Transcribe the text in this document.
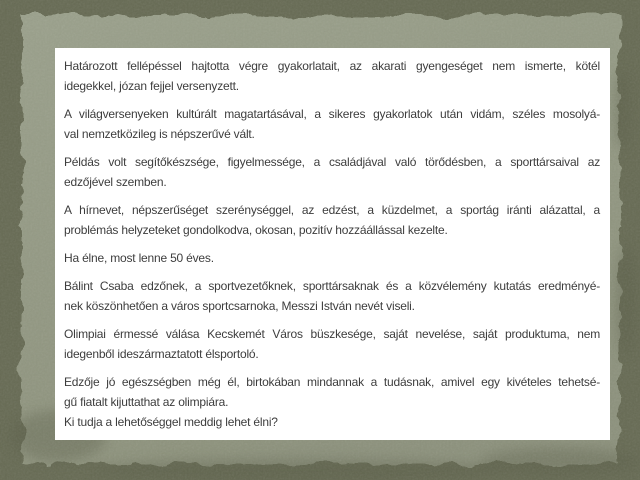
Határozott fellépéssel hajtotta végre gyakorlatait, az akarati gyengeséget nem ismerte, kötél
idegekkel, józan fejjel versenyzett.

A világversenyeken kultúrált magatartásával, a sikeres gyakorlatok után vidám, széles mosolyá-
val nemzetközileg is népszerűvé vált.

Példás volt segítőkészsége, figyelmessége, a családjával való törődésben, a sporttársaival az
edzőjével szemben.

A hírnevet, népszerűséget szerénységgel, az edzést, a küzdelmet, a sportág iránti alázattal, a
problémás helyzeteket gondolkodva, okosan, pozitív hozzáállással kezelte.

Ha élne, most lenne 50 éves.

Bálint Csaba edzőnek, a sportvezetőknek, sporttársaknak és a közvélemény kutatás eredményé-
nek köszönhetően a város sportcsarnoka, Messzi István nevét viseli.

Olimpiai érmessé válása Kecskemét Város büszkesége, saját nevelése, saját produktuma, nem
idegenből ideszármaztatott élsportoló.

Edzője jó egészségben még él, birtokában mindannak a tudásnak, amivel egy kivételes tehetsé-
gű fiatalt kijuttathat az olimpiára.
Ki tudja a lehetőséggel meddig lehet élni?
